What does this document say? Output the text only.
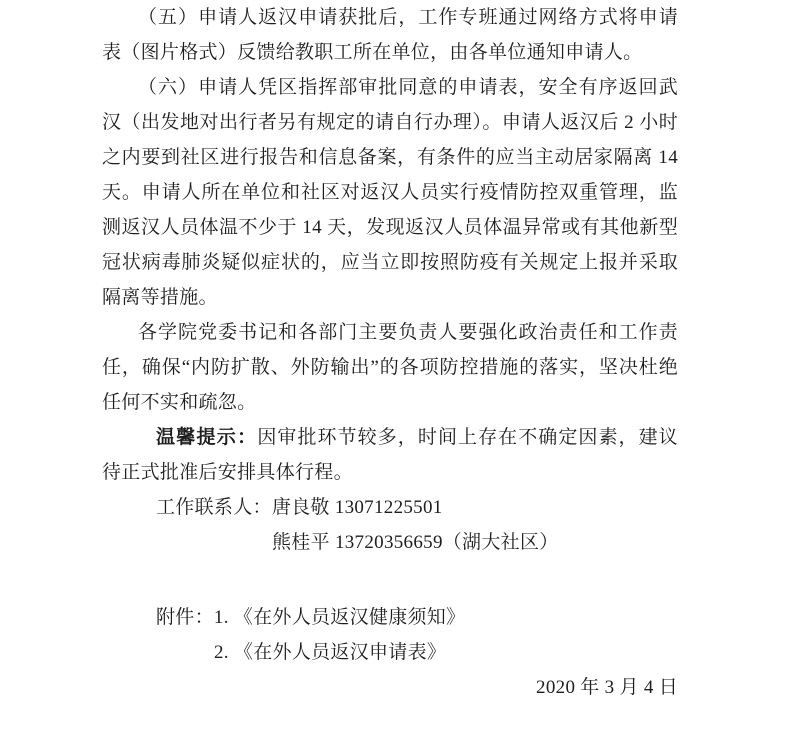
（五）申请人返汉申请获批后，工作专班通过网络方式将申请表（图片格式）反馈给教职工所在单位，由各单位通知申请人。

（六）申请人凭区指挥部审批同意的申请表，安全有序返回武汉（出发地对出行者另有规定的请自行办理）。申请人返汉后 2 小时之内要到社区进行报告和信息备案，有条件的应当主动居家隔离 14 天。申请人所在单位和社区对返汉人员实行疫情防控双重管理，监测返汉人员体温不少于 14 天，发现返汉人员体温异常或有其他新型冠状病毒肺炎疑似症状的，应当立即按照防疫有关规定上报并采取隔离等措施。

各学院党委书记和各部门主要负责人要强化政治责任和工作责任，确保“内防扩散、外防输出”的各项防控措施的落实，坚决杜绝任何不实和疏忽。

温馨提示：因审批环节较多，时间上存在不确定因素，建议待正式批准后安排具体行程。

工作联系人：唐良敬 13071225501

熊桂平 13720356659（湖大社区）

附件：1. 《在外人员返汉健康须知》

2. 《在外人员返汉申请表》

2020 年 3 月 4 日
